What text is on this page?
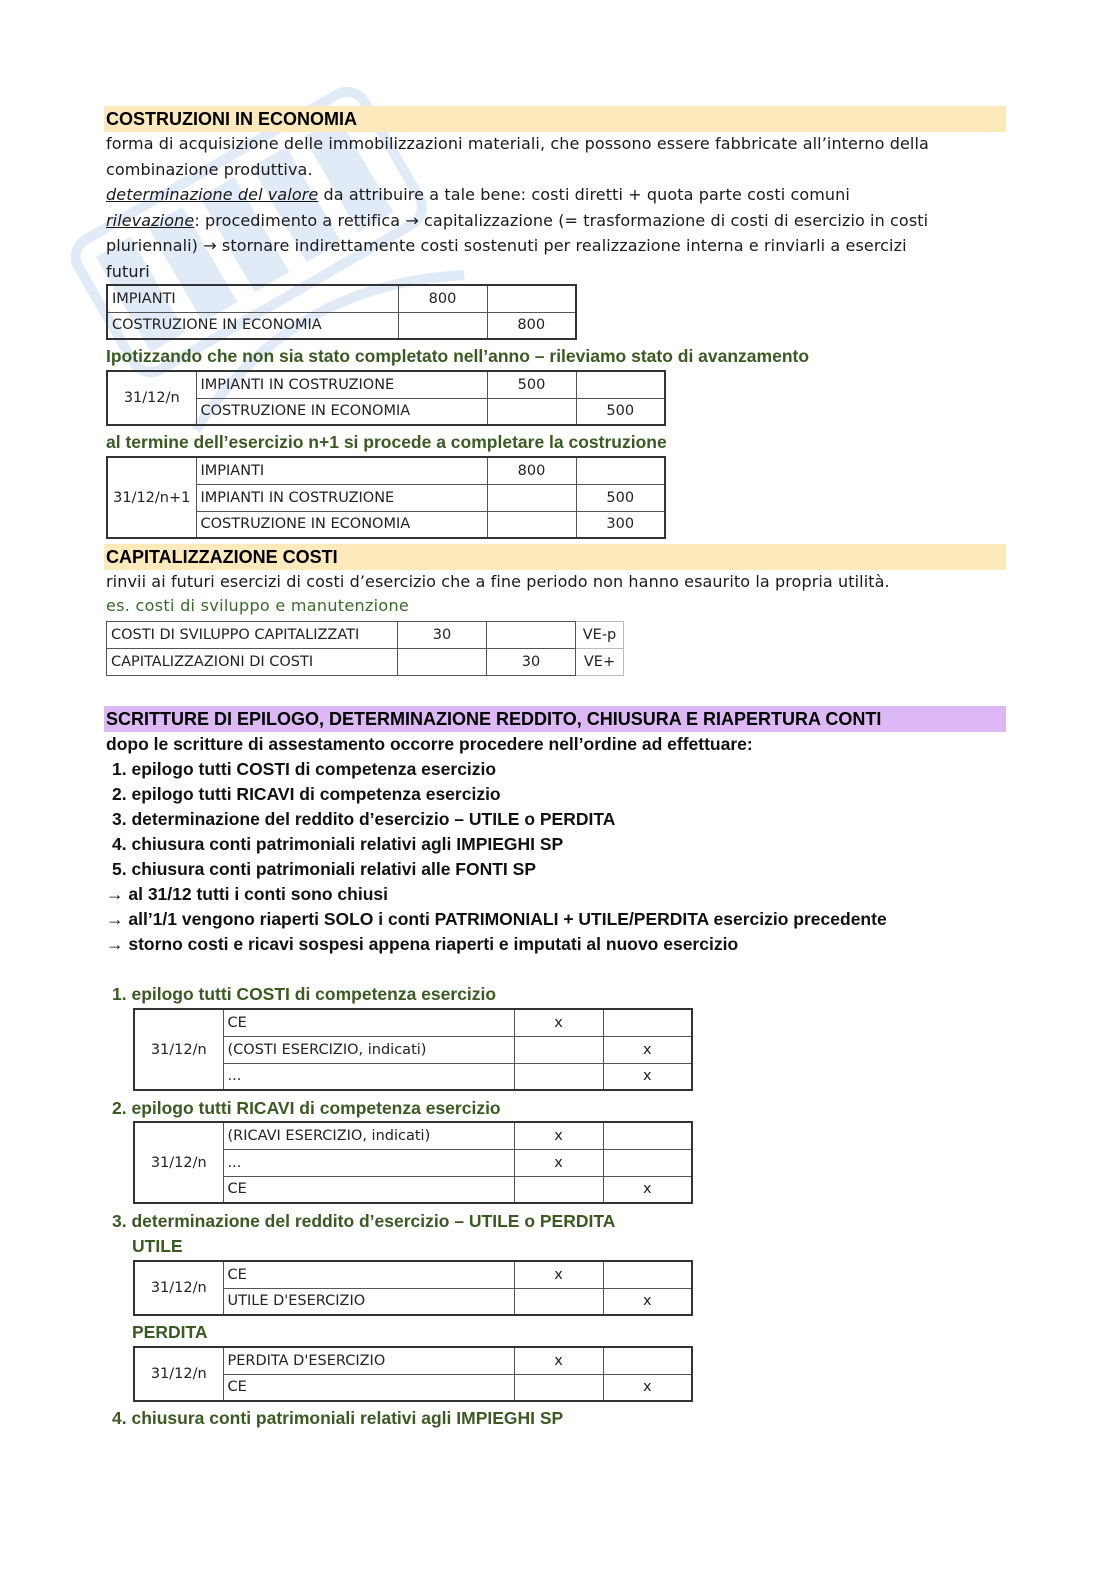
COSTRUZIONI IN ECONOMIA
forma di acquisizione delle immobilizzazioni materiali, che possono essere fabbricate all’interno della
combinazione produttiva.
determinazione del valore da attribuire a tale bene: costi diretti + quota parte costi comuni
rilevazione: procedimento a rettifica → capitalizzazione (= trasformazione di costi di esercizio in costi
pluriennali) → stornare indirettamente costi sostenuti per realizzazione interna e rinviarli a esercizi
futuri
IMPIANTI	800	
COSTRUZIONE IN ECONOMIA		800
Ipotizzando che non sia stato completato nell’anno – rileviamo stato di avanzamento
31/12/n	IMPIANTI IN COSTRUZIONE	500	
	COSTRUZIONE IN ECONOMIA		500
al termine dell’esercizio n+1 si procede a completare la costruzione
31/12/n+1	IMPIANTI	800	
	IMPIANTI IN COSTRUZIONE		500
	COSTRUZIONE IN ECONOMIA		300
CAPITALIZZAZIONE COSTI
rinvii ai futuri esercizi di costi d’esercizio che a fine periodo non hanno esaurito la propria utilità.
es. costi di sviluppo e manutenzione
COSTI DI SVILUPPO CAPITALIZZATI	30		VE-p
CAPITALIZZAZIONI DI COSTI		30	VE+
SCRITTURE DI EPILOGO, DETERMINAZIONE REDDITO, CHIUSURA E RIAPERTURA CONTI
dopo le scritture di assestamento occorre procedere nell’ordine ad effettuare:
1. epilogo tutti COSTI di competenza esercizio
2. epilogo tutti RICAVI di competenza esercizio
3. determinazione del reddito d’esercizio – UTILE o PERDITA
4. chiusura conti patrimoniali relativi agli IMPIEGHI SP
5. chiusura conti patrimoniali relativi alle FONTI SP
→ al 31/12 tutti i conti sono chiusi
→ all’1/1 vengono riaperti SOLO i conti PATRIMONIALI + UTILE/PERDITA esercizio precedente
→ storno costi e ricavi sospesi appena riaperti e imputati al nuovo esercizio
1. epilogo tutti COSTI di competenza esercizio
31/12/n	CE	x	
	(COSTI ESERCIZIO, indicati)		x
	...		x
2. epilogo tutti RICAVI di competenza esercizio
31/12/n	(RICAVI ESERCIZIO, indicati)	x	
	...	x	
	CE		x
3. determinazione del reddito d’esercizio – UTILE o PERDITA
UTILE
31/12/n	CE	x	
	UTILE D'ESERCIZIO		x
PERDITA
31/12/n	PERDITA D'ESERCIZIO	x	
	CE		x
4. chiusura conti patrimoniali relativi agli IMPIEGHI SP
